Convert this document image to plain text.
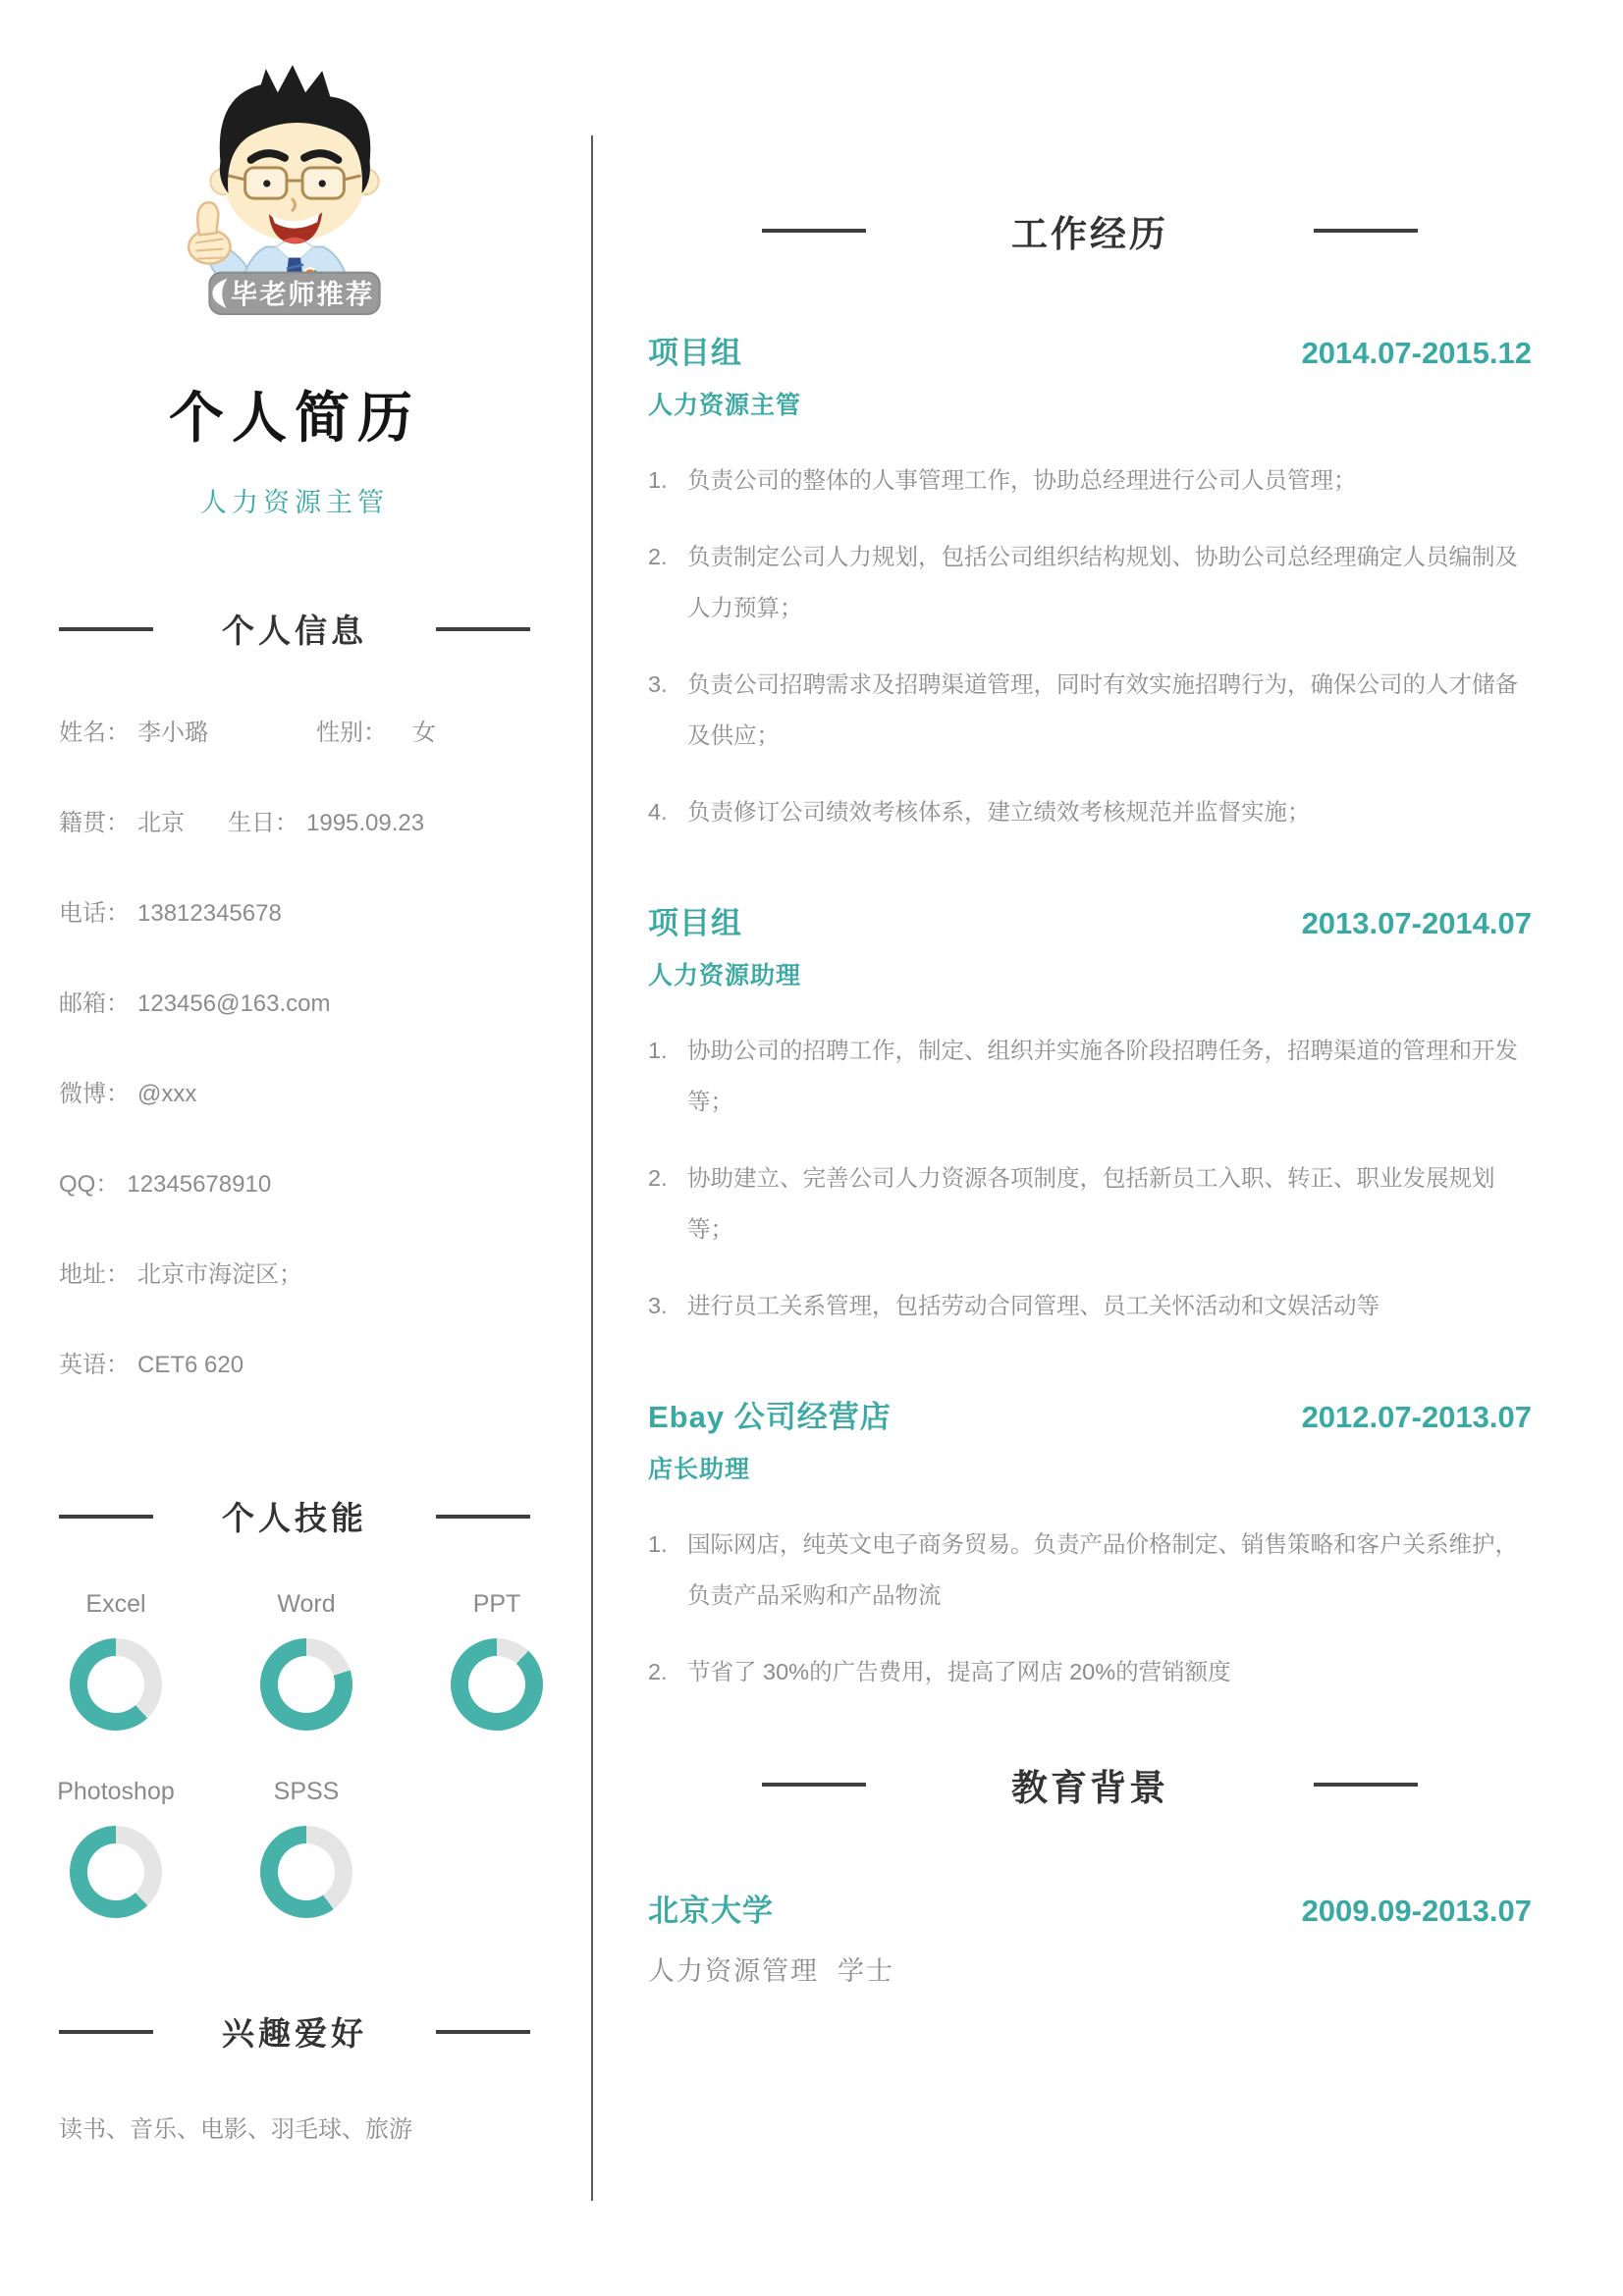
毕老师推荐
个人简历
人力资源主管
个人信息
姓名： 李小璐	性别： 女
籍贯： 北京 生日： 1995.09.23
电话： 13812345678
邮箱： 123456@163.com
微博： @xxx
QQ： 12345678910
地址： 北京市海淀区；
英语： CET6 620
个人技能
Excel	Word	PPT
Photoshop	SPSS
兴趣爱好
读书、音乐、电影、羽毛球、旅游
工作经历
项目组	2014.07-2015.12
人力资源主管
1. 负责公司的整体的人事管理工作，协助总经理进行公司人员管理；
2. 负责制定公司人力规划，包括公司组织结构规划、协助公司总经理确定人员编制及人力预算；
3. 负责公司招聘需求及招聘渠道管理，同时有效实施招聘行为，确保公司的人才储备及供应；
4. 负责修订公司绩效考核体系，建立绩效考核规范并监督实施；
项目组	2013.07-2014.07
人力资源助理
1. 协助公司的招聘工作，制定、组织并实施各阶段招聘任务，招聘渠道的管理和开发等；
2. 协助建立、完善公司人力资源各项制度，包括新员工入职、转正、职业发展规划等；
3. 进行员工关系管理，包括劳动合同管理、员工关怀活动和文娱活动等
Ebay 公司经营店	2012.07-2013.07
店长助理
1. 国际网店，纯英文电子商务贸易。负责产品价格制定、销售策略和客户关系维护，负责产品采购和产品物流
2. 节省了 30%的广告费用，提高了网店 20%的营销额度
教育背景
北京大学	2009.09-2013.07
人力资源管理  学士
